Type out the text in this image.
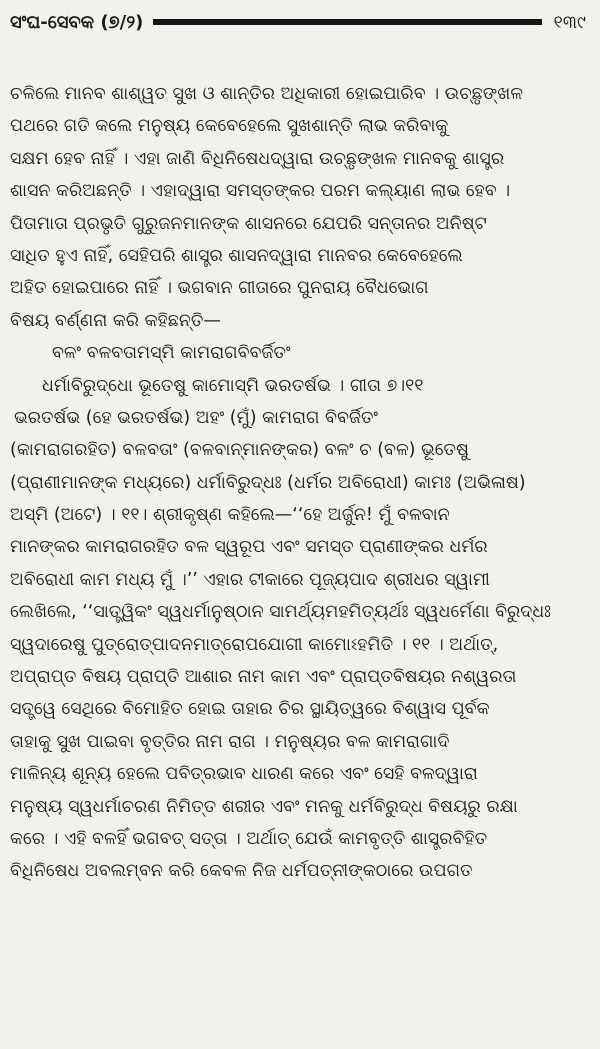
ସଂଘ-ସେବକ (୭/୨)	୧୩୯
ଚଳିଲେ ମାନବ ଶାଶ୍ୱତ ସୁଖ ଓ ଶାନ୍ତିର ଅଧିକାରୀ ହୋଇପାରିବ । ଉଚ୍ଛୃଙ୍ଖଳ
ପଥରେ ଗତି କଲେ ମନୁଷ୍ୟ କେବେହେଲେ ସୁଖଶାନ୍ତି ଲାଭ କରିବାକୁ
ସକ୍ଷମ ହେବ ନାହିଁ । ଏହା ଜାଣି ବିଧିନିଷେଧଦ୍ୱାରା ଉଚ୍ଛୃଙ୍ଖଳ ମାନବକୁ ଶାସ୍ତ୍ର
ଶାସନ କରିଅଛନ୍ତି । ଏହାଦ୍ୱାରା ସମସ୍ତଙ୍କର ପରମ କଲ୍ୟାଣ ଲାଭ ହେବ ।
ପିତାମାତା ପ୍ରଭୃତି ଗୁରୁଜନମାନଙ୍କ ଶାସନରେ ଯେପରି ସନ୍ତାନର ଅନିଷ୍ଟ
ସାଧିତ ହୁଏ ନାହିଁ, ସେହିପରି ଶାସ୍ତ୍ର ଶାସନଦ୍ୱାରା ମାନବର କେବେହେଲେ
ଅହିତ ହୋଇପାରେ ନାହିଁ । ଭଗବାନ ଗୀତାରେ ପୁନରାୟ ବୈଧଭୋଗ
ବିଷୟ ବର୍ଣ୍ଣନା କରି କହିଛନ୍ତି—
ବଳଂ ବଳବତାମସ୍ମି କାମରାଗବିବର୍ଜିତଂ
ଧର୍ମାବିରୁଦ୍ଧୋ ଭୂତେଷୁ କାମୋସ୍ମି ଭରତର୍ଷଭ । ଗୀତା ୭।୧୧
ଭରତର୍ଷଭ (ହେ ଭରତର୍ଷଭ) ଅହଂ (ମୁଁ) କାମରାଗ ବିବର୍ଜିତଂ
(କାମରାଗରହିତ) ବଳବତାଂ (ବଳବାନ୍‌ମାନଙ୍କର) ବଳଂ ଚ (ବଳ) ଭୂତେଷୁ
(ପ୍ରାଣୀମାନଙ୍କ ମଧ୍ୟରେ) ଧର୍ମାବିରୁଦ୍ଧଃ (ଧର୍ମର ଅବିରୋଧୀ) କାମଃ (ଅଭିଳାଷ)
ଅସ୍ମି (ଅଟେ) । ୧୧। ଶ୍ରୀକୃଷ୍ଣ କହିଲେ—‘‘ହେ ଅର୍ଜୁନ! ମୁଁ ବଳବାନ
ମାନଙ୍କର କାମରାଗରହିତ ବଳ ସ୍ୱରୂପ ଏବଂ ସମସ୍ତ ପ୍ରାଣୀଙ୍କର ଧର୍ମର
ଅବିରୋଧୀ କାମ ମଧ୍ୟ ମୁଁ ।’’ ଏହାର ଟୀକାରେ ପୂଜ୍ୟପାଦ ଶ୍ରୀଧର ସ୍ୱାମୀ
ଲେଖିଲେ, ‘‘ସାତ୍ତ୍ୱିକଂ ସ୍ୱଧର୍ମାନୁଷ୍ଠାନ ସାମର୍ଥ୍ୟମହମିତ୍ୟର୍ଥଃ ସ୍ୱଧର୍ମେଣା ବିରୁଦ୍ଧଃ
ସ୍ୱଦାରେଷୁ ପୁତ୍ରୋତ୍ପାଦନମାତ୍ରୋପଯୋଗୀ କାମୋଽହମିତି । ୧୧ । ଅର୍ଥାତ୍,
ଅପ୍ରାପ୍ତ ବିଷୟ ପ୍ରାପ୍ତି ଆଶାର ନାମ କାମ ଏବଂ ପ୍ରାପ୍ତବିଷୟର ନଶ୍ୱରତା
ସତ୍ତ୍ୱେ ସେଥିରେ ବିମୋହିତ ହୋଇ ତାହାର ଚିର ସ୍ଥାୟିତ୍ୱରେ ବିଶ୍ୱାସ ପୂର୍ବକ
ତାହାକୁ ସୁଖ ପାଇବା ବୃତ୍ତିର ନାମ ରାଗ । ମନୁଷ୍ୟର ବଳ କାମରାଗାଦି
ମାଳିନ୍ୟ ଶୂନ୍ୟ ହେଲେ ପବିତ୍ରଭାବ ଧାରଣ କରେ ଏବଂ ସେହି ବଳଦ୍ୱାରା
ମନୁଷ୍ୟ ସ୍ୱଧର୍ମାଚରଣ ନିମିତ୍ତ ଶରୀର ଏବଂ ମନକୁ ଧର୍ମବିରୁଦ୍ଧ ବିଷୟରୁ ରକ୍ଷା
କରେ । ଏହି ବଳହିଁ ଭଗବତ୍ ସତ୍ତା । ଅର୍ଥାତ୍ ଯେଉଁ କାମବୃତ୍ତି ଶାସ୍ତ୍ରବିହିତ
ବିଧିନିଷେଧ ଅବଲମ୍ବନ କରି କେବଳ ନିଜ ଧର୍ମପତ୍ନୀଙ୍କଠାରେ ଉପଗତ
